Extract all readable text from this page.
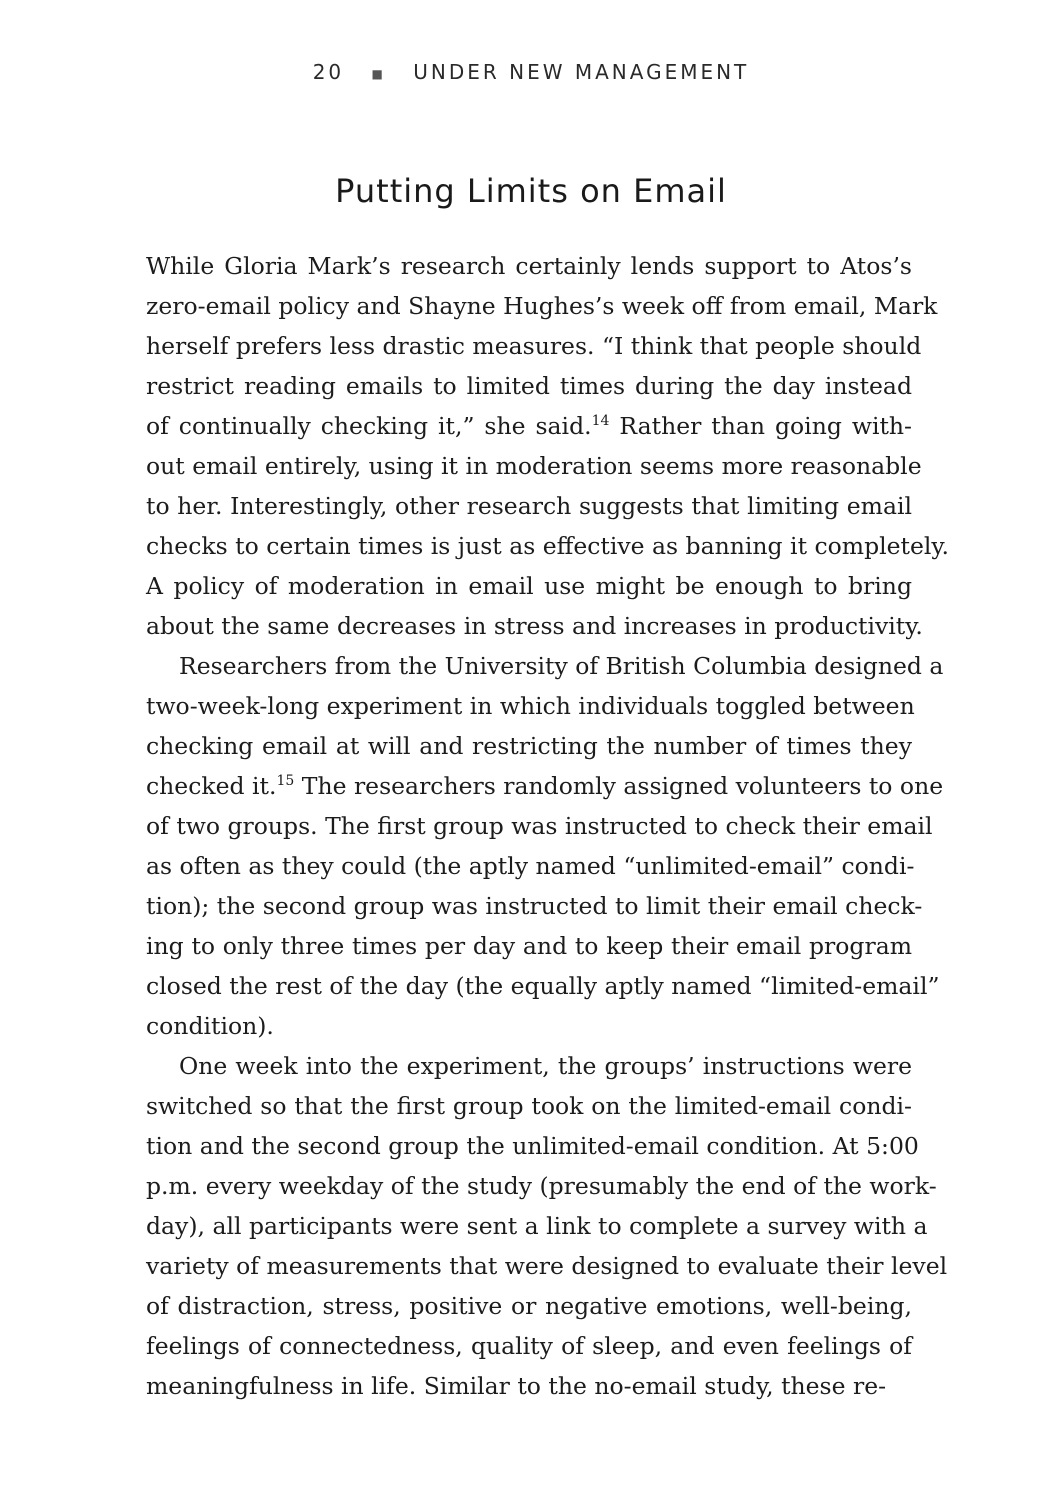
20 ■ UNDER NEW MANAGEMENT
Putting Limits on Email

While Gloria Mark’s research certainly lends support to Atos’s
zero-email policy and Shayne Hughes’s week off from email, Mark
herself prefers less drastic measures. “I think that people should
restrict reading emails to limited times during the day instead
of continually checking it,” she said.$^{14}$ Rather than going with-
out email entirely, using it in moderation seems more reasonable
to her. Interestingly, other research suggests that limiting email
checks to certain times is just as effective as banning it completely.
A policy of moderation in email use might be enough to bring
about the same decreases in stress and increases in productivity.

Researchers from the University of British Columbia designed a
two-week-long experiment in which individuals toggled between
checking email at will and restricting the number of times they
checked it.$^{15}$ The researchers randomly assigned volunteers to one
of two groups. The first group was instructed to check their email
as often as they could (the aptly named “unlimited-email” condi-
tion); the second group was instructed to limit their email check-
ing to only three times per day and to keep their email program
closed the rest of the day (the equally aptly named “limited-email”
condition).

One week into the experiment, the groups’ instructions were
switched so that the first group took on the limited-email condi-
tion and the second group the unlimited-email condition. At 5:00
p.m. every weekday of the study (presumably the end of the work-
day), all participants were sent a link to complete a survey with a
variety of measurements that were designed to evaluate their level
of distraction, stress, positive or negative emotions, well-being,
feelings of connectedness, quality of sleep, and even feelings of
meaningfulness in life. Similar to the no-email study, these re-
